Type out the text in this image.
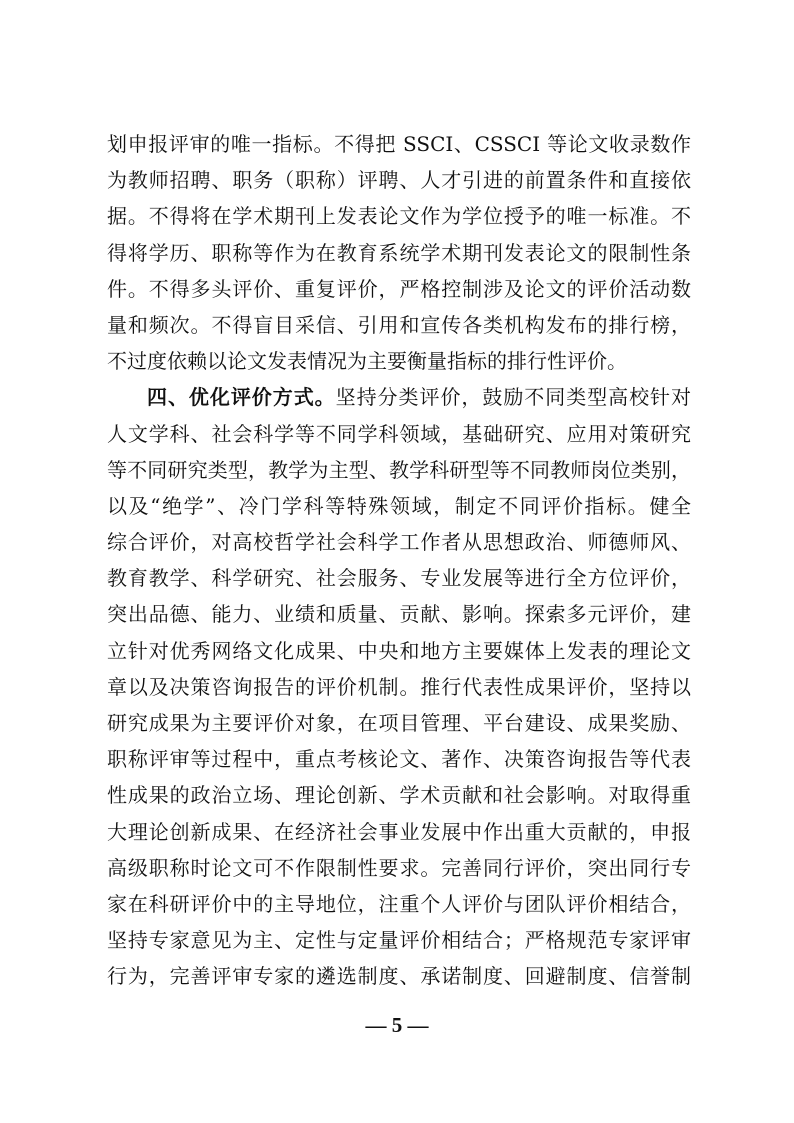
划申报评审的唯一指标。不得把 SSCI、CSSCI 等论文收录数作
为教师招聘、职务（职称）评聘、人才引进的前置条件和直接依
据。不得将在学术期刊上发表论文作为学位授予的唯一标准。不
得将学历、职称等作为在教育系统学术期刊发表论文的限制性条
件。不得多头评价、重复评价，严格控制涉及论文的评价活动数
量和频次。不得盲目采信、引用和宣传各类机构发布的排行榜，
不过度依赖以论文发表情况为主要衡量指标的排行性评价。
四、优化评价方式。坚持分类评价，鼓励不同类型高校针对
人文学科、社会科学等不同学科领域，基础研究、应用对策研究
等不同研究类型，教学为主型、教学科研型等不同教师岗位类别，
以及“绝学”、冷门学科等特殊领域，制定不同评价指标。健全
综合评价，对高校哲学社会科学工作者从思想政治、师德师风、
教育教学、科学研究、社会服务、专业发展等进行全方位评价，
突出品德、能力、业绩和质量、贡献、影响。探索多元评价，建
立针对优秀网络文化成果、中央和地方主要媒体上发表的理论文
章以及决策咨询报告的评价机制。推行代表性成果评价，坚持以
研究成果为主要评价对象，在项目管理、平台建设、成果奖励、
职称评审等过程中，重点考核论文、著作、决策咨询报告等代表
性成果的政治立场、理论创新、学术贡献和社会影响。对取得重
大理论创新成果、在经济社会事业发展中作出重大贡献的，申报
高级职称时论文可不作限制性要求。完善同行评价，突出同行专
家在科研评价中的主导地位，注重个人评价与团队评价相结合，
坚持专家意见为主、定性与定量评价相结合；严格规范专家评审
行为，完善评审专家的遴选制度、承诺制度、回避制度、信誉制
— 5 —
